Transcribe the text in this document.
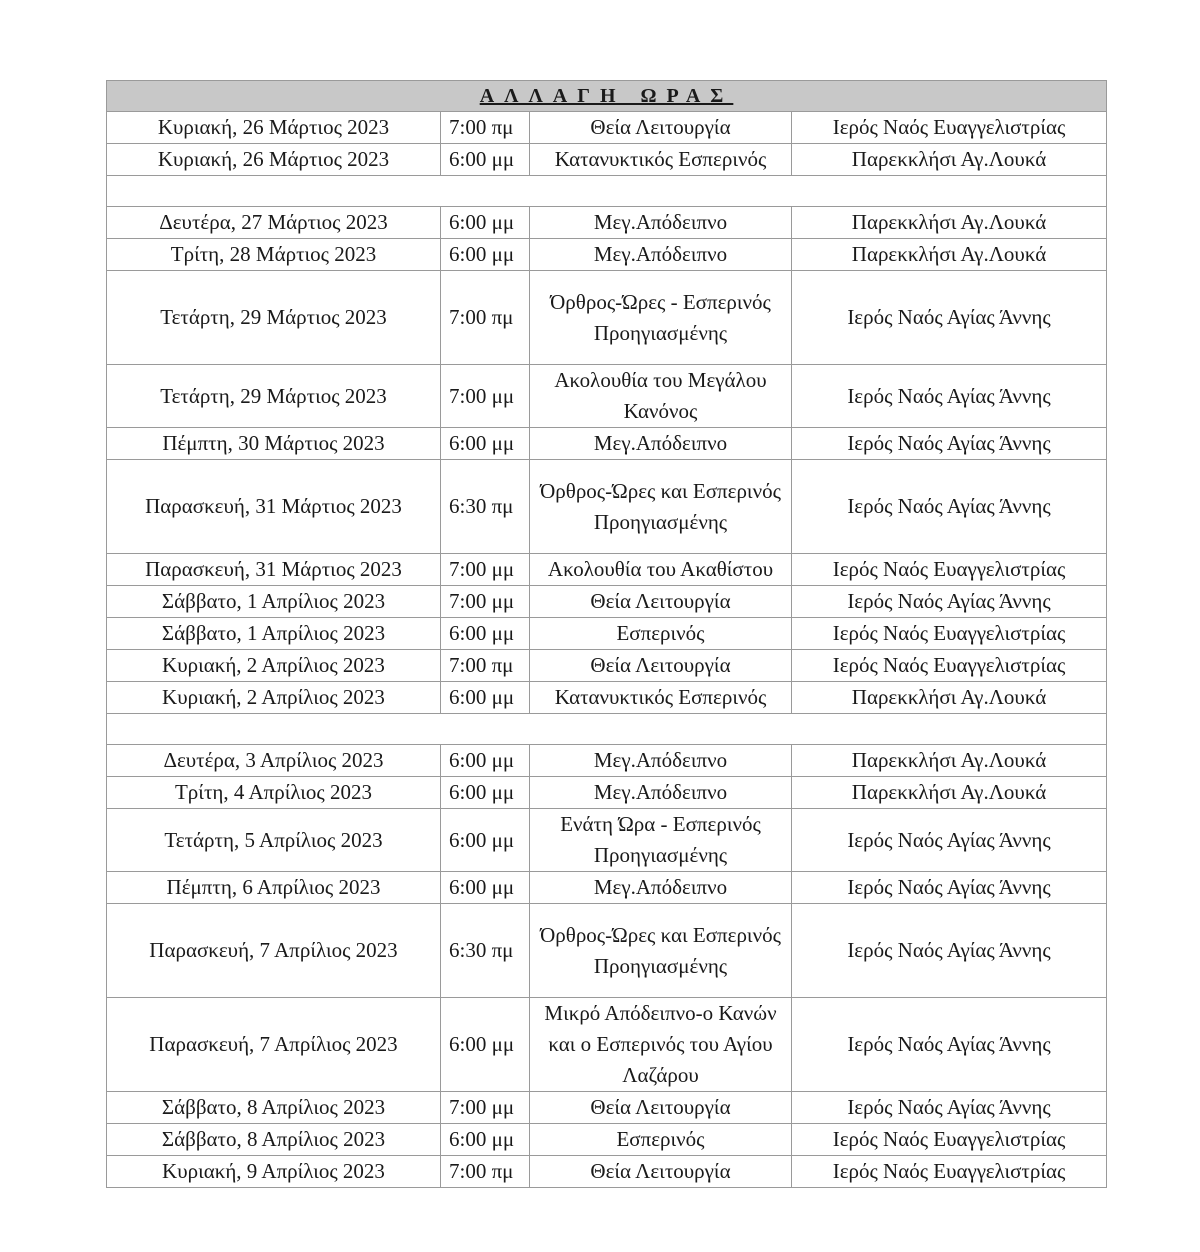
ΑΛΛΑΓΗ ΩΡΑΣ			
Κυριακή, 26 Μάρτιος 2023	7:00 πμ	Θεία Λειτουργία	Ιερός Ναός Ευαγγελιστρίας
Κυριακή, 26 Μάρτιος 2023	6:00 μμ	Κατανυκτικός Εσπερινός	Παρεκκλήσι Αγ.Λουκά

Δευτέρα, 27 Μάρτιος 2023	6:00 μμ	Μεγ.Απόδειπνο	Παρεκκλήσι Αγ.Λουκά
Τρίτη, 28 Μάρτιος 2023	6:00 μμ	Μεγ.Απόδειπνο	Παρεκκλήσι Αγ.Λουκά
Τετάρτη, 29 Μάρτιος 2023	7:00 πμ	Όρθρος-Ώρες - Εσπερινός Προηγιασμένης	Ιερός Ναός Αγίας Άννης
Τετάρτη, 29 Μάρτιος 2023	7:00 μμ	Ακολουθία του Μεγάλου Κανόνος	Ιερός Ναός Αγίας Άννης
Πέμπτη, 30 Μάρτιος 2023	6:00 μμ	Μεγ.Απόδειπνο	Ιερός Ναός Αγίας Άννης
Παρασκευή, 31 Μάρτιος 2023	6:30 πμ	Όρθρος-Ώρες και Εσπερινός Προηγιασμένης	Ιερός Ναός Αγίας Άννης
Παρασκευή, 31 Μάρτιος 2023	7:00 μμ	Ακολουθία του Ακαθίστου	Ιερός Ναός Ευαγγελιστρίας
Σάββατο, 1 Απρίλιος 2023	7:00 μμ	Θεία Λειτουργία	Ιερός Ναός Αγίας Άννης
Σάββατο, 1 Απρίλιος 2023	6:00 μμ	Εσπερινός	Ιερός Ναός Ευαγγελιστρίας
Κυριακή, 2 Απρίλιος 2023	7:00 πμ	Θεία Λειτουργία	Ιερός Ναός Ευαγγελιστρίας
Κυριακή, 2 Απρίλιος 2023	6:00 μμ	Κατανυκτικός Εσπερινός	Παρεκκλήσι Αγ.Λουκά

Δευτέρα, 3 Απρίλιος 2023	6:00 μμ	Μεγ.Απόδειπνο	Παρεκκλήσι Αγ.Λουκά
Τρίτη, 4 Απρίλιος 2023	6:00 μμ	Μεγ.Απόδειπνο	Παρεκκλήσι Αγ.Λουκά
Τετάρτη, 5 Απρίλιος 2023	6:00 μμ	Ενάτη Ώρα - Εσπερινός Προηγιασμένης	Ιερός Ναός Αγίας Άννης
Πέμπτη, 6 Απρίλιος 2023	6:00 μμ	Μεγ.Απόδειπνο	Ιερός Ναός Αγίας Άννης
Παρασκευή, 7 Απρίλιος 2023	6:30 πμ	Όρθρος-Ώρες και Εσπερινός Προηγιασμένης	Ιερός Ναός Αγίας Άννης
Παρασκευή, 7 Απρίλιος 2023	6:00 μμ	Μικρό Απόδειπνο-ο Κανών και ο Εσπερινός του Αγίου Λαζάρου	Ιερός Ναός Αγίας Άννης
Σάββατο, 8 Απρίλιος 2023	7:00 μμ	Θεία Λειτουργία	Ιερός Ναός Αγίας Άννης
Σάββατο, 8 Απρίλιος 2023	6:00 μμ	Εσπερινός	Ιερός Ναός Ευαγγελιστρίας
Κυριακή, 9 Απρίλιος 2023	7:00 πμ	Θεία Λειτουργία	Ιερός Ναός Ευαγγελιστρίας
